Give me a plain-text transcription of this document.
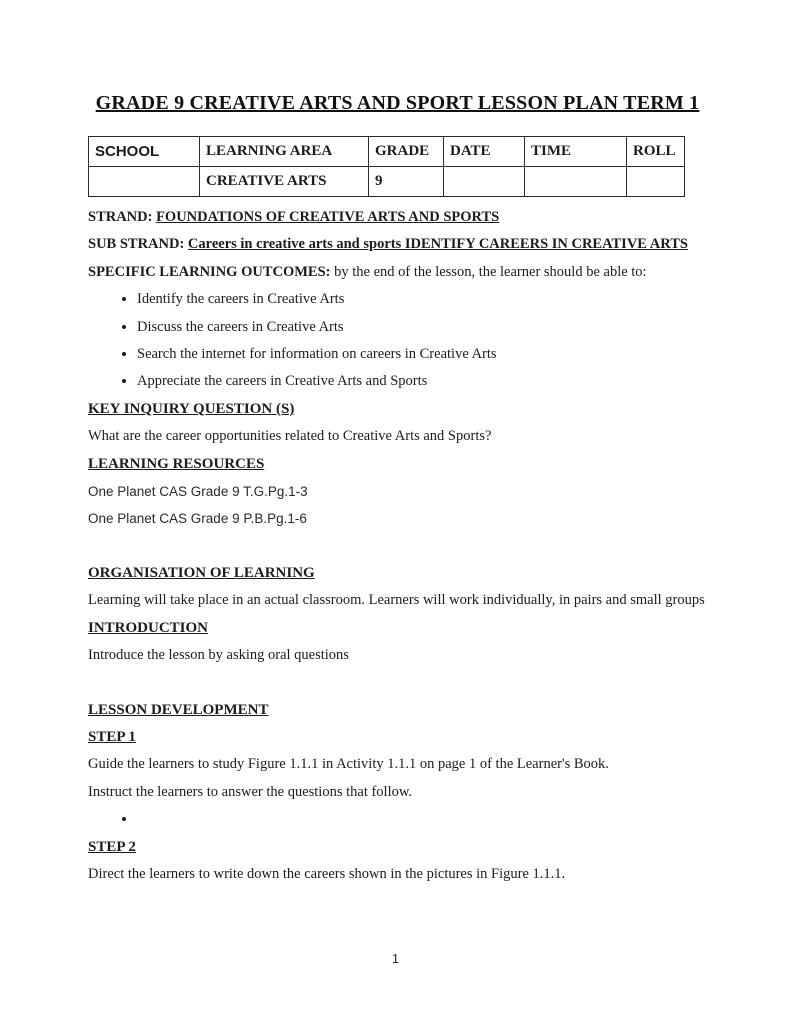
GRADE 9 CREATIVE ARTS AND SPORT LESSON PLAN TERM 1
SCHOOL	LEARNING AREA	GRADE	DATE	TIME	ROLL
	CREATIVE ARTS	9			

STRAND: FOUNDATIONS OF CREATIVE ARTS AND SPORTS

SUB STRAND: Careers in creative arts and sports IDENTIFY CAREERS IN CREATIVE ARTS

SPECIFIC LEARNING OUTCOMES: by the end of the lesson, the learner should be able to:

• Identify the careers in Creative Arts
• Discuss the careers in Creative Arts
• Search the internet for information on careers in Creative Arts
• Appreciate the careers in Creative Arts and Sports

KEY INQUIRY QUESTION (S)

What are the career opportunities related to Creative Arts and Sports?

LEARNING RESOURCES

One Planet CAS Grade 9 T.G.Pg.1-3

One Planet CAS Grade 9 P.B.Pg.1-6

ORGANISATION OF LEARNING

Learning will take place in an actual classroom. Learners will work individually, in pairs and small groups

INTRODUCTION

Introduce the lesson by asking oral questions

LESSON DEVELOPMENT

STEP 1

Guide the learners to study Figure 1.1.1 in Activity 1.1.1 on page 1 of the Learner's Book.

Instruct the learners to answer the questions that follow.

•

STEP 2

Direct the learners to write down the careers shown in the pictures in Figure 1.1.1.

1
